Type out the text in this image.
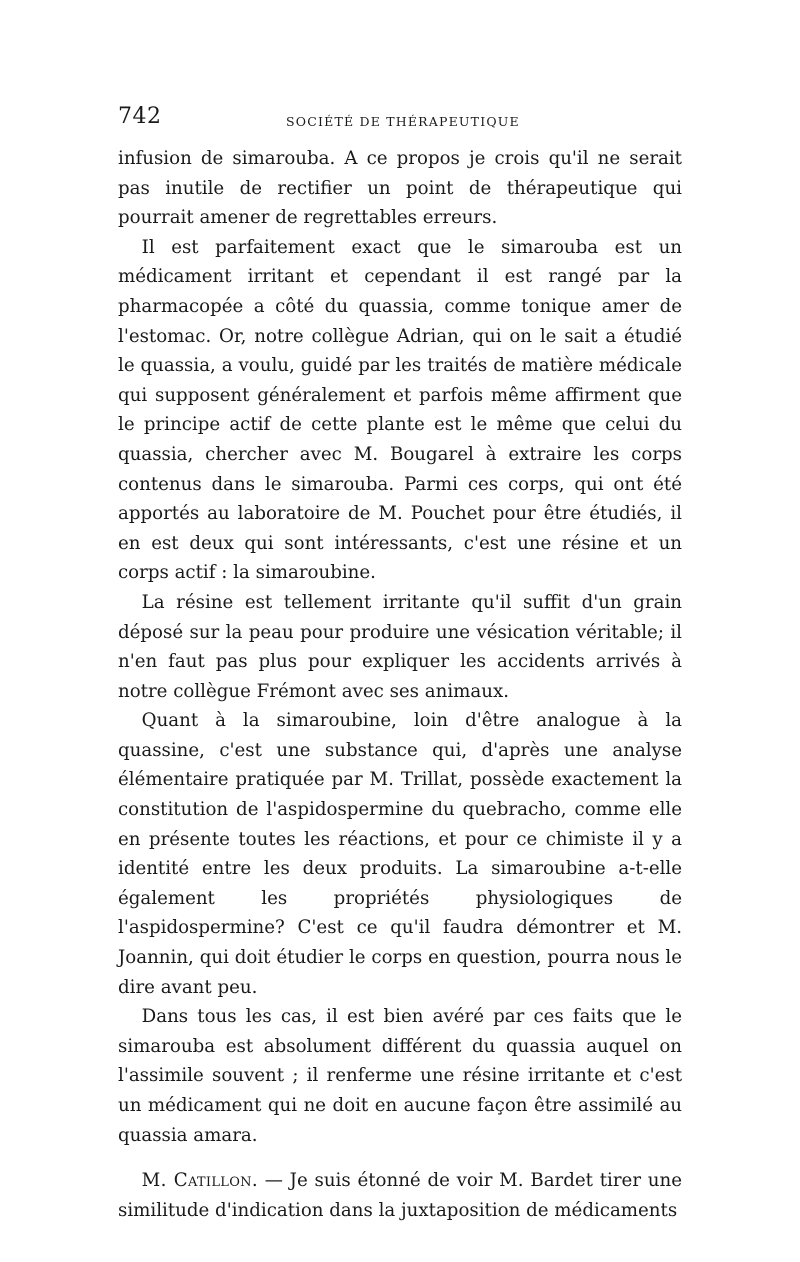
742	SOCIÉTÉ DE THÉRAPEUTIQUE

infusion de simarouba. A ce propos je crois qu'il ne serait pas inutile de rectifier un point de thérapeutique qui pourrait amener de regrettables erreurs.

Il est parfaitement exact que le simarouba est un médicament irritant et cependant il est rangé par la pharmacopée a côté du quassia, comme tonique amer de l'estomac. Or, notre collègue Adrian, qui on le sait a étudié le quassia, a voulu, guidé par les traités de matière médicale qui supposent généralement et parfois même affirment que le principe actif de cette plante est le même que celui du quassia, chercher avec M. Bougarel à extraire les corps contenus dans le simarouba. Parmi ces corps, qui ont été apportés au laboratoire de M. Pouchet pour être étudiés, il en est deux qui sont intéressants, c'est une résine et un corps actif : la simaroubine.

La résine est tellement irritante qu'il suffit d'un grain déposé sur la peau pour produire une vésication véritable; il n'en faut pas plus pour expliquer les accidents arrivés à notre collègue Frémont avec ses animaux.

Quant à la simaroubine, loin d'être analogue à la quassine, c'est une substance qui, d'après une analyse élémentaire pratiquée par M. Trillat, possède exactement la constitution de l'aspidospermine du quebracho, comme elle en présente toutes les réactions, et pour ce chimiste il y a identité entre les deux produits. La simaroubine a-t-elle également les propriétés physiologiques de l'aspidospermine? C'est ce qu'il faudra démontrer et M. Joannin, qui doit étudier le corps en question, pourra nous le dire avant peu.

Dans tous les cas, il est bien avéré par ces faits que le simarouba est absolument différent du quassia auquel on l'assimile souvent ; il renferme une résine irritante et c'est un médicament qui ne doit en aucune façon être assimilé au quassia amara.

M. Catillon. — Je suis étonné de voir M. Bardet tirer une similitude d'indication dans la juxtaposition de médicaments
